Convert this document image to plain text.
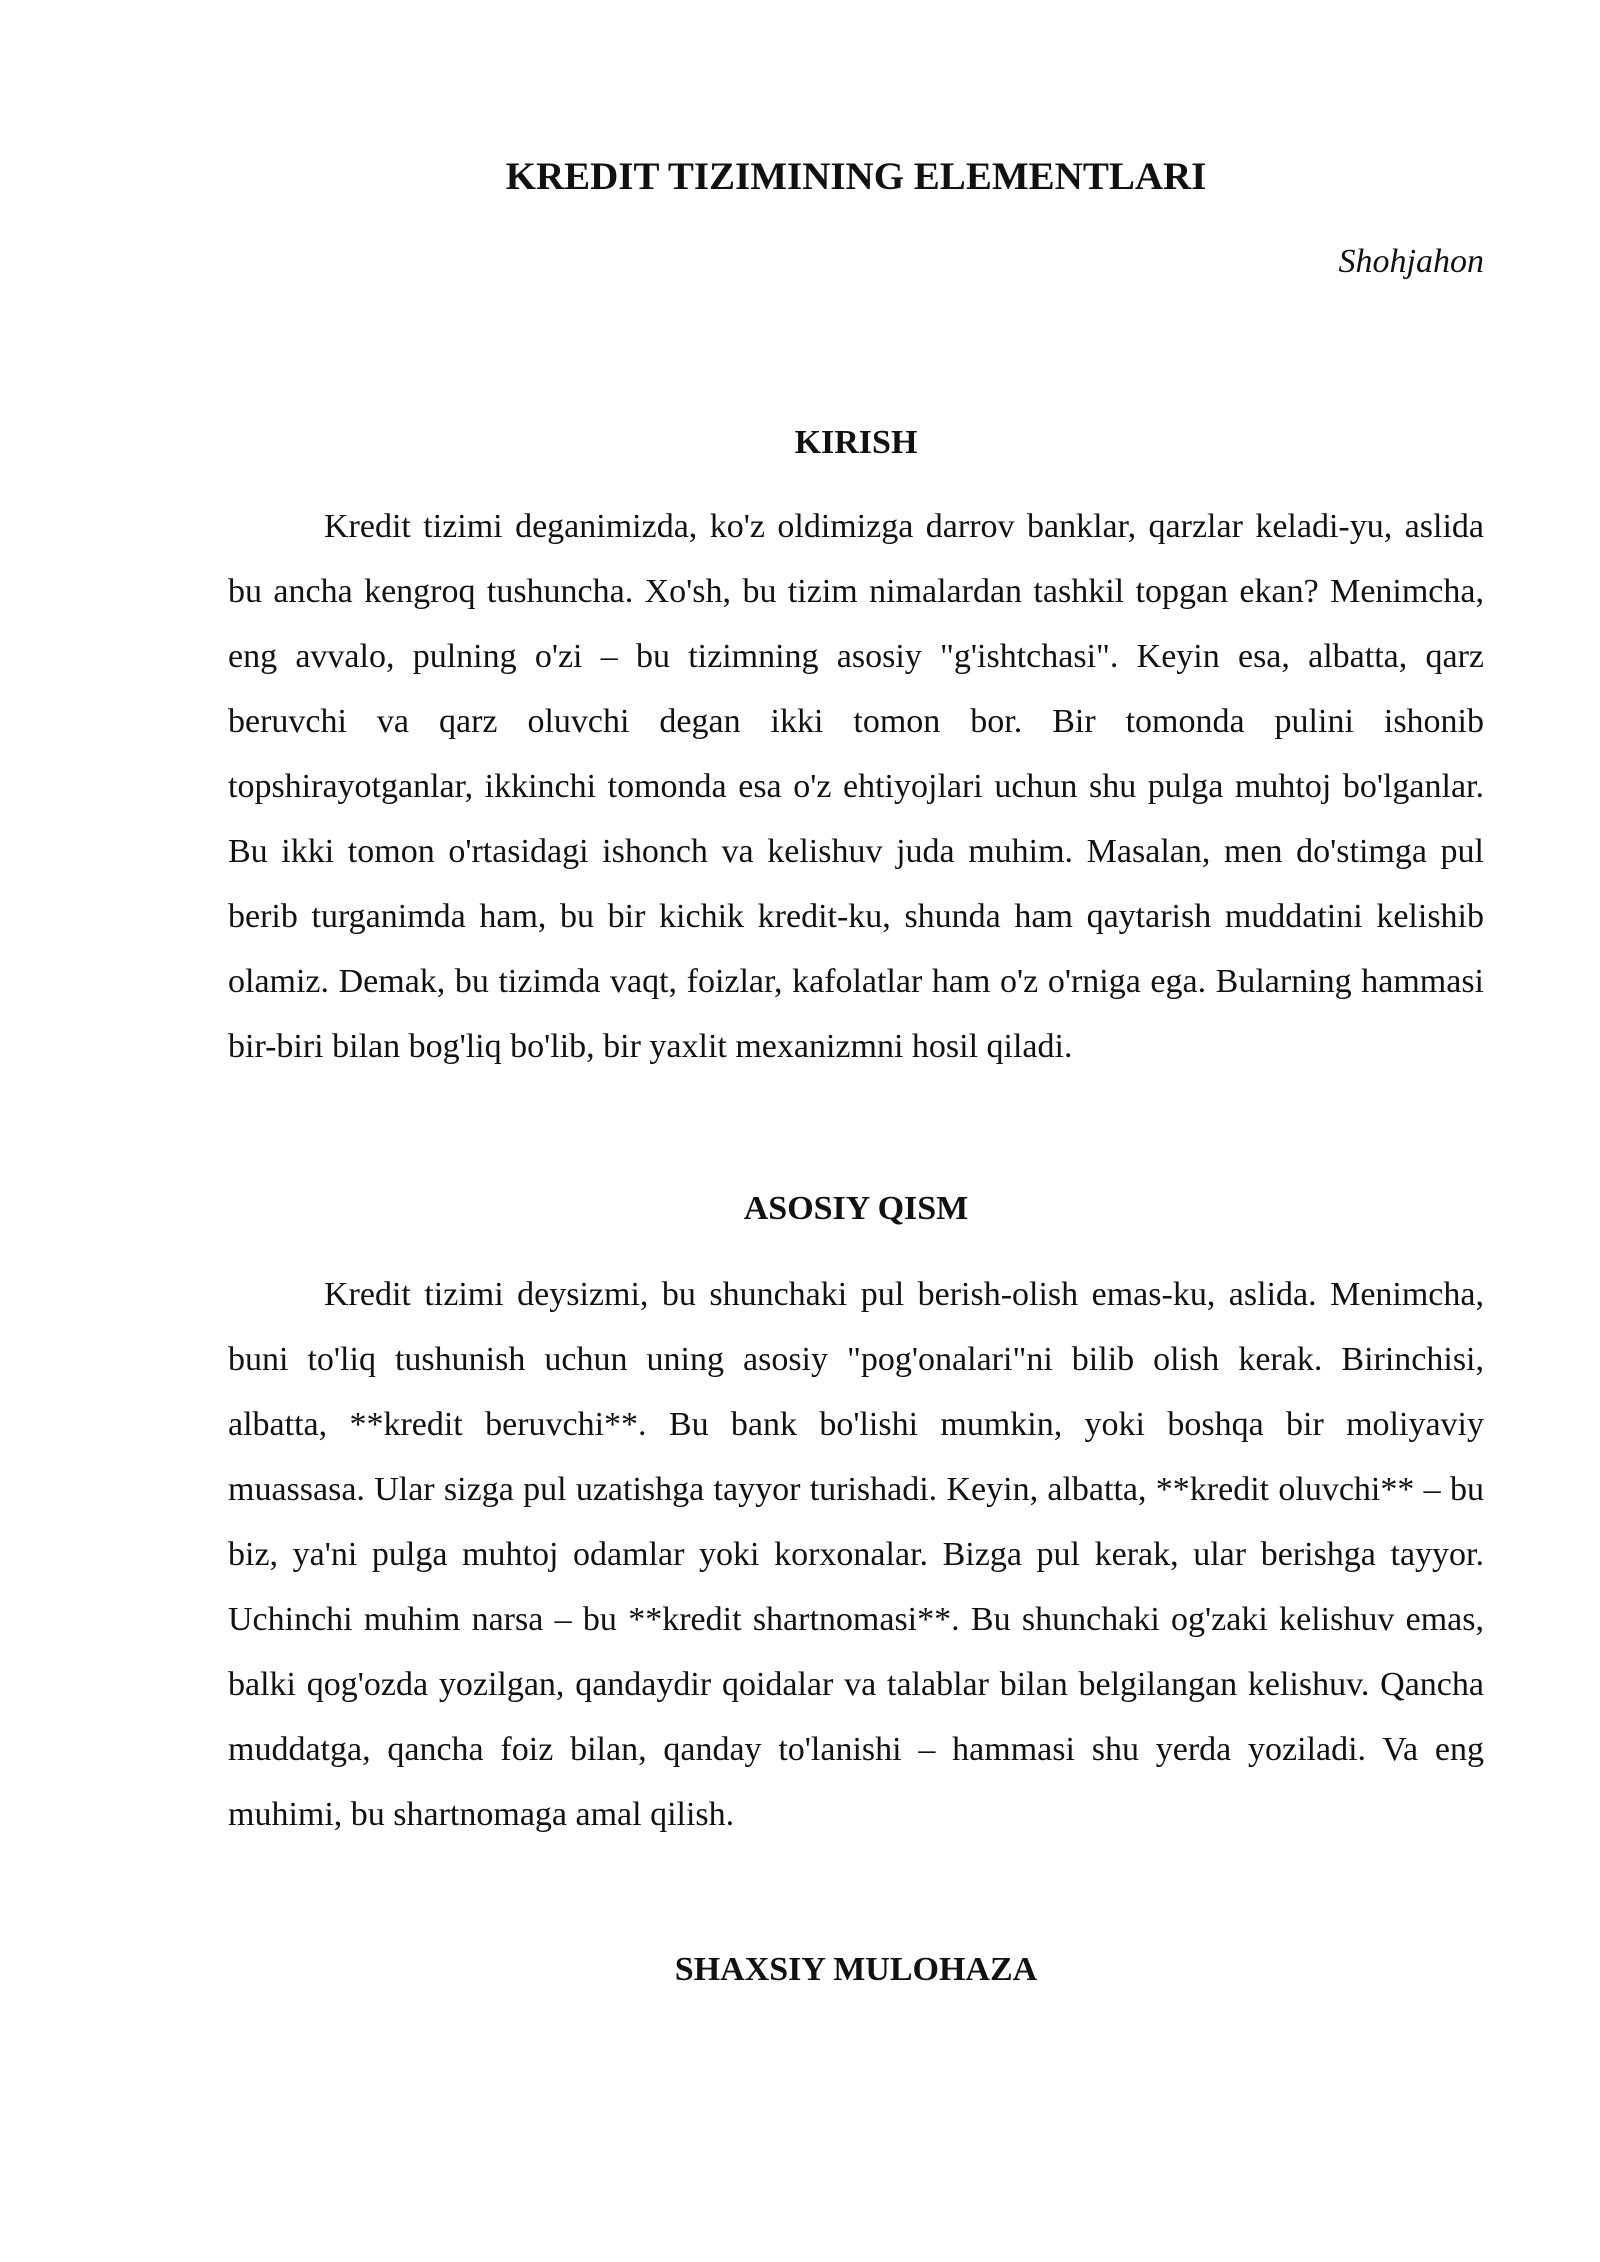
KREDIT TIZIMINING ELEMENTLARI

Shohjahon

KIRISH

Kredit tizimi deganimizda, ko'z oldimizga darrov banklar, qarzlar keladi-yu, aslida bu ancha kengroq tushuncha. Xo'sh, bu tizim nimalardan tashkil topgan ekan? Menimcha, eng avvalo, pulning o'zi – bu tizimning asosiy "g'ishtchasi". Keyin esa, albatta, qarz beruvchi va qarz oluvchi degan ikki tomon bor. Bir tomonda pulini ishonib topshirayotganlar, ikkinchi tomonda esa o'z ehtiyojlari uchun shu pulga muhtoj bo'lganlar. Bu ikki tomon o'rtasidagi ishonch va kelishuv juda muhim. Masalan, men do'stimga pul berib turganimda ham, bu bir kichik kredit-ku, shunda ham qaytarish muddatini kelishib olamiz. Demak, bu tizimda vaqt, foizlar, kafolatlar ham o'z o'rniga ega. Bularning hammasi bir-biri bilan bog'liq bo'lib, bir yaxlit mexanizmni hosil qiladi.

ASOSIY QISM

Kredit tizimi deysizmi, bu shunchaki pul berish-olish emas-ku, aslida. Menimcha, buni to'liq tushunish uchun uning asosiy "pog'onalari"ni bilib olish kerak. Birinchisi, albatta, **kredit beruvchi**. Bu bank bo'lishi mumkin, yoki boshqa bir moliyaviy muassasa. Ular sizga pul uzatishga tayyor turishadi. Keyin, albatta, **kredit oluvchi** – bu biz, ya'ni pulga muhtoj odamlar yoki korxonalar. Bizga pul kerak, ular berishga tayyor. Uchinchi muhim narsa – bu **kredit shartnomasi**. Bu shunchaki og'zaki kelishuv emas, balki qog'ozda yozilgan, qandaydir qoidalar va talablar bilan belgilangan kelishuv. Qancha muddatga, qancha foiz bilan, qanday to'lanishi – hammasi shu yerda yoziladi. Va eng muhimi, bu shartnomaga amal qilish.

SHAXSIY MULOHAZA
